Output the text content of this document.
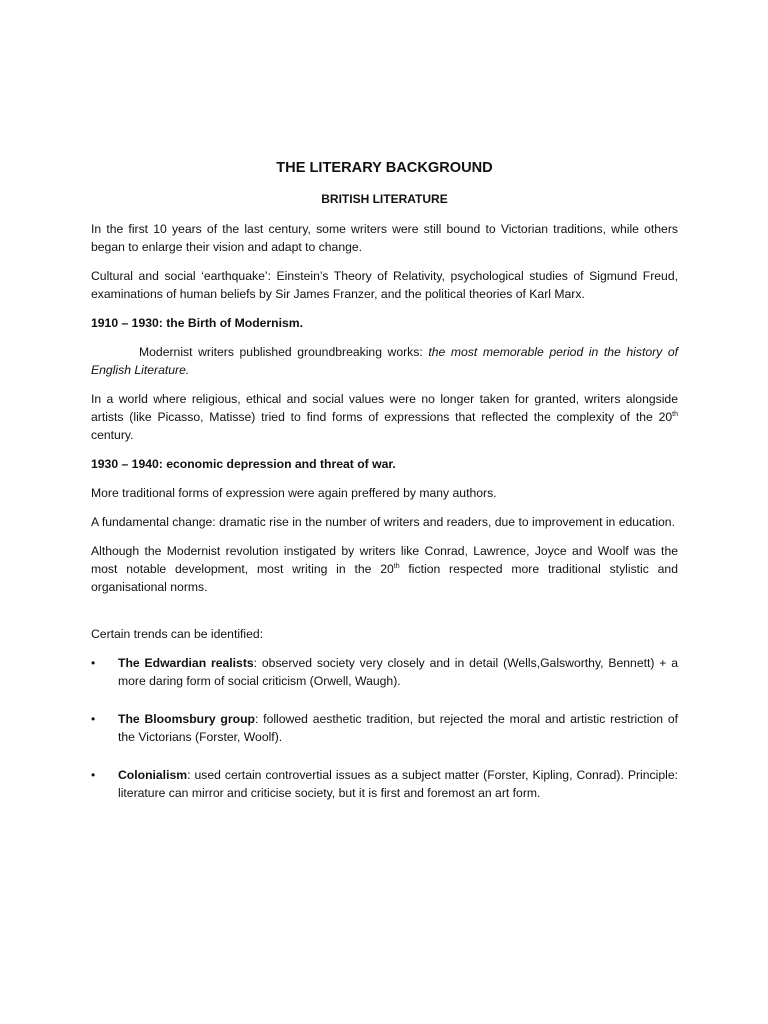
THE LITERARY BACKGROUND
BRITISH LITERATURE

In the first 10 years of the last century, some writers were still bound to Victorian traditions, while others began to enlarge their vision and adapt to change.

Cultural and social ‘earthquake’: Einstein’s Theory of Relativity, psychological studies of Sigmund Freud, examinations of human beliefs by Sir James Franzer, and the political theories of Karl Marx.

1910 – 1930: the Birth of Modernism.

Modernist writers published groundbreaking works: the most memorable period in the history of English Literature.

In a world where religious, ethical and social values were no longer taken for granted, writers alongside artists (like Picasso, Matisse) tried to find forms of expressions that reflected the complexity of the 20th century.

1930 – 1940: economic depression and threat of war.

More traditional forms of expression were again preffered by many authors.

A fundamental change: dramatic rise in the number of writers and readers, due to improvement in education.

Although the Modernist revolution instigated by writers like Conrad, Lawrence, Joyce and Woolf was the most notable development, most writing in the 20th fiction respected more traditional stylistic and organisational norms.

Certain trends can be identified:

• The Edwardian realists: observed society very closely and in detail (Wells,Galsworthy, Bennett) + a more daring form of social criticism (Orwell, Waugh).
• The Bloomsbury group: followed aesthetic tradition, but rejected the moral and artistic restriction of the Victorians (Forster, Woolf).
• Colonialism: used certain controvertial issues as a subject matter (Forster, Kipling, Conrad). Principle: literature can mirror and criticise society, but it is first and foremost an art form.
